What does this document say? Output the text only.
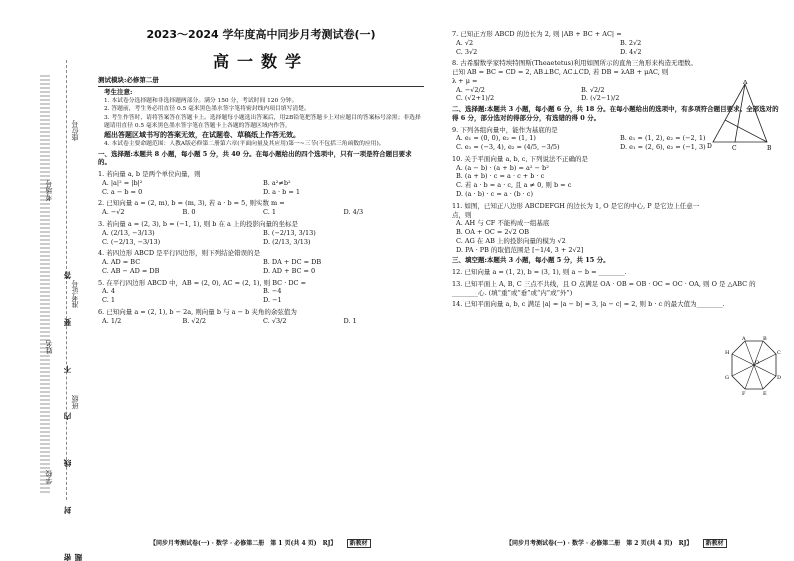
座位号
考场号
准考证号
姓名
班级
学校 密　封　线　内　不　要　答　题
2023～2024 学年度高中同步月考测试卷(一)
高一数学
测试模块:必修第二册
考生注意:
1. 本试卷分选择题和非选择题两部分。满分 150 分，考试时间 120 分钟。
2. 答题前，考生务必用直径 0.5 毫米黑色墨水签字笔将密封线内项目填写清楚。
3. 考生作答时，请将答案答在答题卡上。选择题每小题选出答案后，用2B铅笔把答题卡上对应题目的答案标号涂黑；非选择题请用直径 0.5 毫米黑色墨水签字笔在答题卡上各题的答题区域内作答，
超出答题区域书写的答案无效，在试题卷、草稿纸上作答无效。
4. 本试卷主要命题范围：人教A版必修第二册第六章(平面向量及其应用)第一~三节(不包括三角函数的应用)。
一、选择题:本题共 8 小题，每小题 5 分，共 40 分。在每小题给出的四个选项中，只有一项是符合题目要求的。
1. 若向量 a, b 是两个单位向量，则
A. |a|² = |b|²	B. a²≠b²
C. a − b = 0	D. a · b = 1
2. 已知向量 a = (2, m), b = (m, 3), 若 a · b = 5, 则实数 m =
A. −√2	B. 0	C. 1	D. 4/3
3. 若向量 a = (2, 3), b = (−1, 1), 则 b 在 a 上的投影向量的坐标是
A. (2/13, −3/13)	B. (−2/13, 3/13)
C. (−2/13, −3/13)	D. (2/13, 3/13)
4. 若四边形 ABCD 是平行四边形，则下列结论错误的是
A. AD = BC	B. DA + DC = DB
C. AB − AD = DB	D. AD + BC = 0
5. 在平行四边形 ABCD 中，AB = (2, 0), AC = (2, 1), 则 BC · DC =
A. 4	B. −4
C. 1	D. −1
6. 已知向量 a = (2, 1), b − 2a, 则向量 b 与 a − b 夹角的余弦值为
A. 1/2	B. √2/2	C. √3/2	D. 1
【同步月考测试卷(一) · 数学 · 必修第二册　第 1 页(共 4 页)　RJ】 新教材
7. 已知正方形 ABCD 的边长为 2, 则 |AB + BC + AC| =
A. √2	B. 2√2
C. 3√2	D. 4√2
8. 古希腊数学家特埃特图斯(Theaetetus)利用如图所示的直角三角形来构造无理数。已知 AB = BC = CD = 2, AB⊥BC, AC⊥CD, 若 DB = λAB + μAC, 则
λ + μ =
A. −√2/2	B. √2/2
C. (√2+1)/2	D. (√2−1)/2
二、选择题:本题共 3 小题，每小题 6 分，共 18 分。在每小题给出的选项中，有多项符合题目要求。全部选对的得 6 分，部分选对的得部分分，有选错的得 0 分。
9. 下列各组向量中，能作为基底的是
A. e₁ = (0, 0), e₂ = (1, 1)	B. e₁ = (1, 2), e₂ = (−2, 1)
C. e₁ = (−3, 4), e₂ = (4/5, −3/5)	D. e₁ = (2, 6), e₂ = (−1, 3)
10. 关于平面向量 a, b, c, 下列说法不正确的是
A. (a − b) · (a + b) = a² − b²
B. (a + b) · c = a · c + b · c
C. 若 a · b = a · c, 且 a ≠ 0, 则 b = c
D. (a · b) · c = a · (b · c)
11. 如图，已知正八边形 ABCDEFGH 的边长为 1, O 是它的中心, P 是它边上任意一
点，则
A. AH 与 CF 不能构成一组基底
B. OA + OC = 2√2 OB
C. AG 在 AB 上的投影向量的模为 √2
D. PA · PB 的取值范围是 [−1/4, 3 + 2√2]
三、填空题:本题共 3 小题，每小题 5 分，共 15 分。
12. 已知向量 a = (1, 2), b = (3, 1), 则 a − b = ________.
13. 已知平面上 A, B, C 三点不共线，且 O 点满足 OA · OB = OB · OC = OC · OA, 则 O 是 △ABC 的
________心. (填“重”或“垂”或“内”或“外”)
14. 已知平面向量 a, b, c 满足 |a| = |a − b| = 3, |a − c| = 2, 则 b · c 的最大值为________.
A
B
C
D
A	B
C
D
E
F
G
H
O
【同步月考测试卷(一) · 数学 · 必修第二册　第 2 页(共 4 页)　RJ】 新教材
